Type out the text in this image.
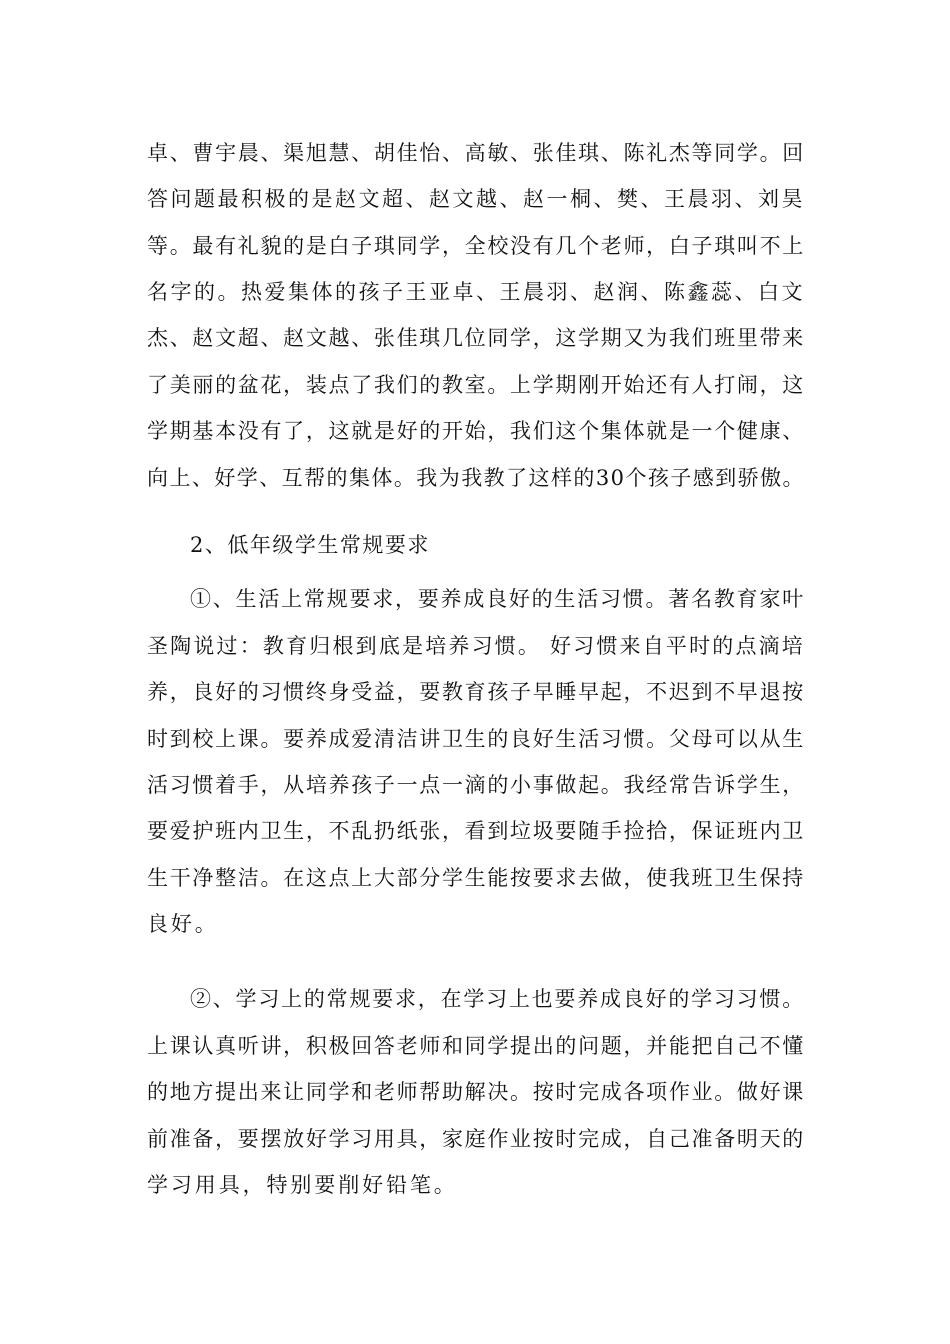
卓、曹宇晨、渠旭慧、胡佳怡、高敏、张佳琪、陈礼杰等同学。回
答问题最积极的是赵文超、赵文越、赵一桐、樊、王晨羽、刘昊
等。最有礼貌的是白子琪同学，全校没有几个老师，白子琪叫不上
名字的。热爱集体的孩子王亚卓、王晨羽、赵润、陈鑫蕊、白文
杰、赵文超、赵文越、张佳琪几位同学，这学期又为我们班里带来
了美丽的盆花，装点了我们的教室。上学期刚开始还有人打闹，这
学期基本没有了，这就是好的开始，我们这个集体就是一个健康、
向上、好学、互帮的集体。我为我教了这样的30个孩子感到骄傲。
2、低年级学生常规要求
①、生活上常规要求，要养成良好的生活习惯。著名教育家叶
圣陶说过：教育归根到底是培养习惯。 好习惯来自平时的点滴培
养，良好的习惯终身受益，要教育孩子早睡早起，不迟到不早退按
时到校上课。要养成爱清洁讲卫生的良好生活习惯。父母可以从生
活习惯着手，从培养孩子一点一滴的小事做起。我经常告诉学生，
要爱护班内卫生，不乱扔纸张，看到垃圾要随手捡拾，保证班内卫
生干净整洁。在这点上大部分学生能按要求去做，使我班卫生保持
良好。
②、学习上的常规要求，在学习上也要养成良好的学习习惯。
上课认真听讲，积极回答老师和同学提出的问题，并能把自己不懂
的地方提出来让同学和老师帮助解决。按时完成各项作业。做好课
前准备，要摆放好学习用具，家庭作业按时完成，自己准备明天的
学习用具，特别要削好铅笔。
